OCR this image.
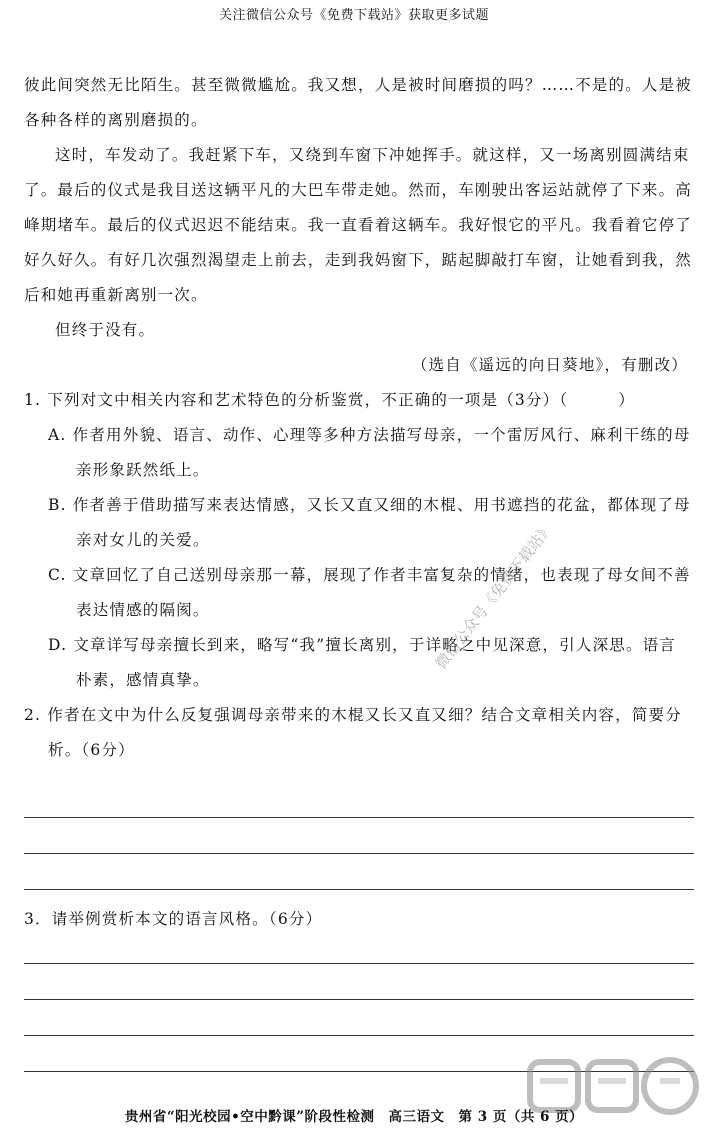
关注微信公众号《免费下载站》获取更多试题

彼此间突然无比陌生。甚至微微尴尬。我又想，人是被时间磨损的吗？……不是的。人是被各种各样的离别磨损的。

这时，车发动了。我赶紧下车，又绕到车窗下冲她挥手。就这样，又一场离别圆满结束了。最后的仪式是我目送这辆平凡的大巴车带走她。然而，车刚驶出客运站就停了下来。高峰期堵车。最后的仪式迟迟不能结束。我一直看着这辆车。我好恨它的平凡。我看着它停了好久好久。有好几次强烈渴望走上前去，走到我妈窗下，踮起脚敲打车窗，让她看到我，然后和她再重新离别一次。

但终于没有。

（选自《遥远的向日葵地》，有删改）

1. 下列对文中相关内容和艺术特色的分析鉴赏，不正确的一项是（3分）（　　　）

A. 作者用外貌、语言、动作、心理等多种方法描写母亲，一个雷厉风行、麻利干练的母亲形象跃然纸上。

B. 作者善于借助描写来表达情感，又长又直又细的木棍、用书遮挡的花盆，都体现了母亲对女儿的关爱。

C. 文章回忆了自己送别母亲那一幕，展现了作者丰富复杂的情绪，也表现了母女间不善表达情感的隔阂。

D. 文章详写母亲擅长到来，略写“我”擅长离别，于详略之中见深意，引人深思。语言朴素，感情真挚。

2. 作者在文中为什么反复强调母亲带来的木棍又长又直又细？结合文章相关内容，简要分析。（6分）

3．请举例赏析本文的语言风格。（6分）

微信公众号《免费下载站》
贵州省“阳光校园•空中黔课”阶段性检测　高三语文　第 3 页（共 6 页）
